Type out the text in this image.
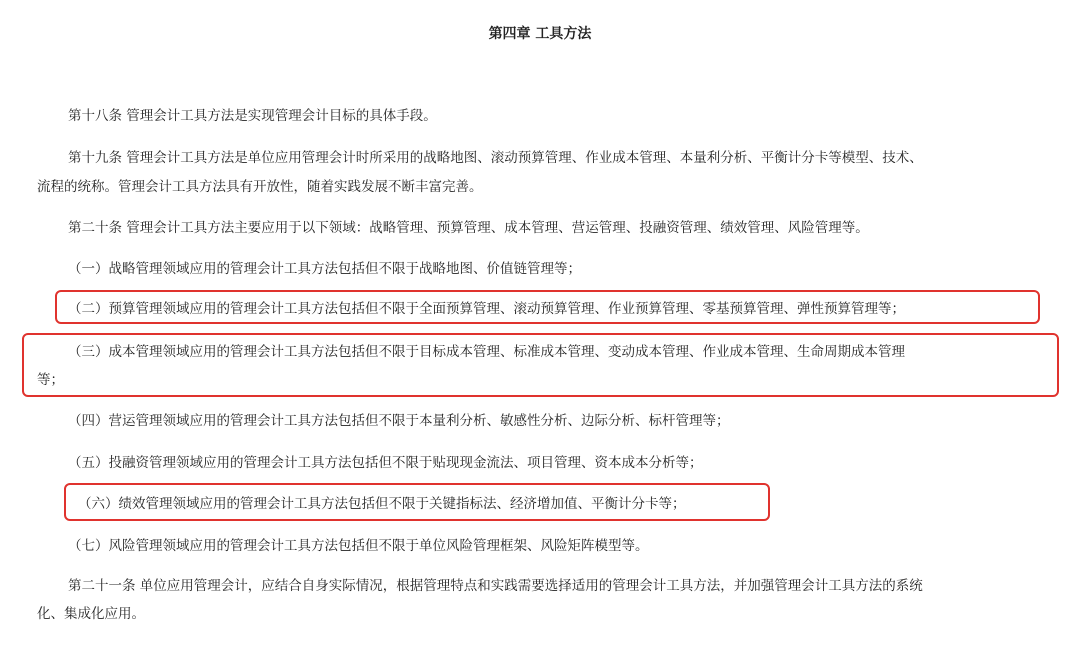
第四章 工具方法
第十八条 管理会计工具方法是实现管理会计目标的具体手段。
第十九条 管理会计工具方法是单位应用管理会计时所采用的战略地图、滚动预算管理、作业成本管理、本量利分析、平衡计分卡等模型、技术、
流程的统称。管理会计工具方法具有开放性，随着实践发展不断丰富完善。
第二十条 管理会计工具方法主要应用于以下领域：战略管理、预算管理、成本管理、营运管理、投融资管理、绩效管理、风险管理等。
（一）战略管理领域应用的管理会计工具方法包括但不限于战略地图、价值链管理等；
（二）预算管理领域应用的管理会计工具方法包括但不限于全面预算管理、滚动预算管理、作业预算管理、零基预算管理、弹性预算管理等；
（三）成本管理领域应用的管理会计工具方法包括但不限于目标成本管理、标准成本管理、变动成本管理、作业成本管理、生命周期成本管理
等；
（四）营运管理领域应用的管理会计工具方法包括但不限于本量利分析、敏感性分析、边际分析、标杆管理等；
（五）投融资管理领域应用的管理会计工具方法包括但不限于贴现现金流法、项目管理、资本成本分析等；
（六）绩效管理领域应用的管理会计工具方法包括但不限于关键指标法、经济增加值、平衡计分卡等；
（七）风险管理领域应用的管理会计工具方法包括但不限于单位风险管理框架、风险矩阵模型等。
第二十一条 单位应用管理会计，应结合自身实际情况，根据管理特点和实践需要选择适用的管理会计工具方法，并加强管理会计工具方法的系统
化、集成化应用。
